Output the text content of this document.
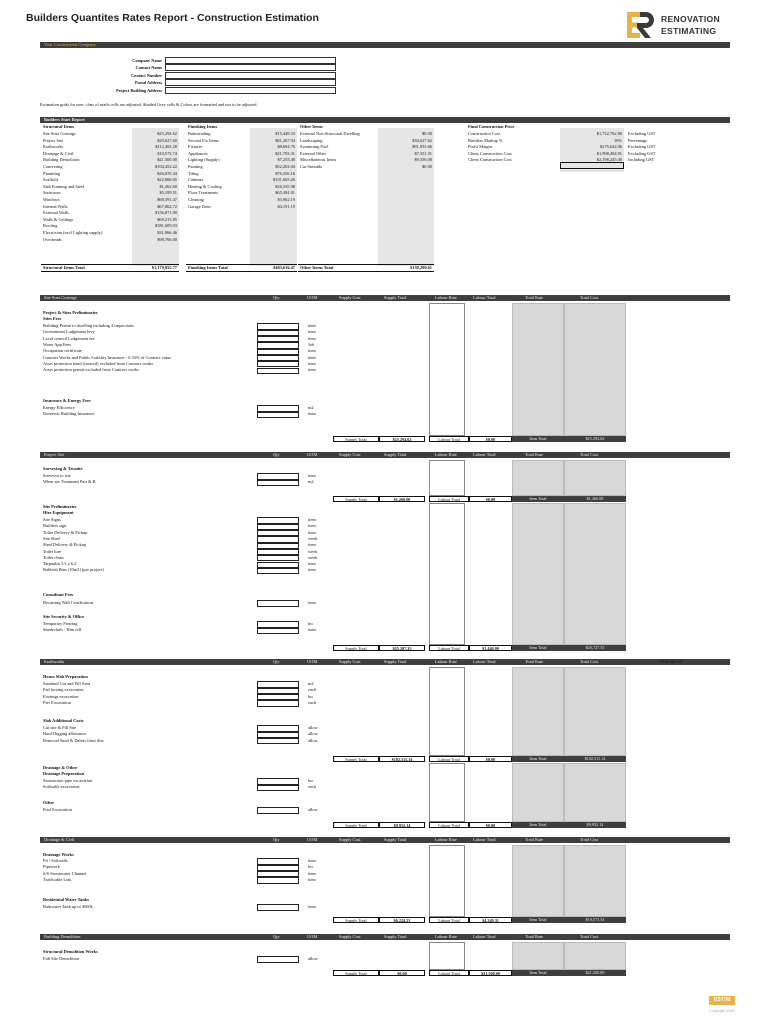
Builders Quantites Rates Report - Construction Estimation	RENOVATION
ESTIMATING
Your Construction Company
Company Name
Contact Name
Contact Number
Postal Address
Project Building Address
Estimation grids for user, class of mails cells are adjusted. Shaded Grey cells & Colors are formatted and not to be adjusted.
Builders Start Report
Structural Items
Site Start Costings	$25,294.62
Project Site	$29,627.60
Earthworks	$112,463.28
Drainage & Civil	$10,573.74
Building Demolition	$21,500.00
Concreting	$104,452.22
Plumbing	$26,870.44
Scaffold	$22,866.65
Slab Framing and Steel	$1,262.60
Staircases	$5,199.51
Windows	$68,591.47
Internal Walls	$67,862.72
External Walls	$156,871.00
Walls & Ceilings	$69,213.85
Roofing	$381,609.93
Electrician (excl Lighting supply)	$31,866.46
Overheads	$98,766.00
Structural Items Total	$1,179,855.77
Finishing Items
Balustrading	$15,448.33
Second Fix Items	$81,267.94
Fixtures	$8,694.76
Appliances	$21,793.31
Lighting (Supply)	$7,255.40
Painting	$52,263.04
Tiling	$76,356.16
Cabinets	$101,665.26
Heating & Cooling	$26,335.98
Floor Treatments	$65,384.01
Cleaning	$3,962.19
Garage Door	$4,191.19
Finishing Items Total	$463,616.47
Other Items
External Non-Structural Dwelling	$0.00
Landscaping	$30,627.62
Swimming Pool	$91,953.66
External Other	$7,351.31
Miscellaneous Items	$9,356.00
Car Simulda	$0.00
Other Items Total	$139,290.61
Final Construction Price
Construction Cost	$1,722,762.86 Excluding GST
Builders Markup %	16% Percentage
Profit Margin	$275,642.06 Excluding GST
Client Construction Cost	$1,998,404.91 Excluding GST
Client Construction Cost	$2,198,245.40 Including GST
Site Start Costings	Qty	UOM	Supply Cost	Supply Total	Labour Rate	Labour Total	Total Rate	Total Cost
Project & Sites Preliminaries
Sites Fees
Building Permit to dwelling including 4 inspections	item
Government Lodgement levy	item
Local council Lodgement fee	item
Water App Fees	Job
Occupation certificate	item
Contract Works and Public Liability Insurance - 0.33% of Contract value	item
Asset protection bond (council) excluded from Contract works	item
Asset protection permit excluded from Contract works	item
Insurance & Energy Fees
Energy Efficiency	m2
Domestic Building Insurance	item
Supply Total	$25,294.62	Labour Total	$0.00	Item Total	$25,294.62
Project Site	Qty	UOM	Supply Cost	Supply Total	Labour Rate	Labour Total	Total Rate	Total Cost
Surveying & Termite
Surveyor to site	item
When are Treatment Part & B	m2
Supply Total	$1,260.00	Labour Total	$0.00	Item Total	$1,260.00
Site Preliminaries
Hire Equipment
Site Signs	item
Builders sign	item
Toilet Delivery & Pickup	item
Site Shed	week
Shed Delivery & Pickup	item
Toilet hire	week
Toilet clean	week
Tarpaulin 3.3 x 6.2	item
Rubbish Bins (10m3) (per project)	item
Consultant Fees
Recurring Wall Certification	item
Site Security & Office
Temporary Fencing	lm
Shadecloth - 30m roll	item
Supply Total	$25,207.35	Labour Total	$1,440.00	Item Total	$26,727.35
Earthworks	Qty	UOM	Supply Cost	Supply Total	Labour Rate	Labour Total	Total Rate	Total Cost	$112,463.28
House Slab Preparation
Standard Cut and Fill Area	m2
Pad footing excavation	each
Footings excavation	lm
Pier Excavation	each
Slab Additional Costs
Cut site & Fill Site	allow
Hard Digging allowance	allow
Removal Sand & Debris from Site	allow
Supply Total	$102,511.14	Labour Total	$0.00	Item Total	$102,511.14
Drainage & Other
Drainage Preparation
Stormwater pipe excavation	lm
Soilwalls excavation	each
Other
Pool Excavation	allow
Supply Total	$9,952.14	Labour Total	$0.00	Item Total	$9,952.14
Drainage & Civil	Qty	UOM	Supply Cost	Supply Total	Labour Rate	Labour Total	Total Rate	Total Cost
Drainage Works
Pit / Soilwalls	item
Pipework	lm
S/S Stormwater Channel	item
Trafficable Lids	item
Residential Water Tanks
Rainwater Tank up to 3000L	item
Supply Total	$6,224.23	Labour Total	$4,349.31	Item Total	$10,573.54
Building Demolition	Qty	UOM	Supply Cost	Supply Total	Labour Rate	Labour Total	Total Rate	Total Cost
Structural Demolition Works
Full Site Demolition	allow
Supply Total	$0.00	Labour Total	$21,500.00	Item Total	$21,500.00
ESTIM
Copyright 2020
